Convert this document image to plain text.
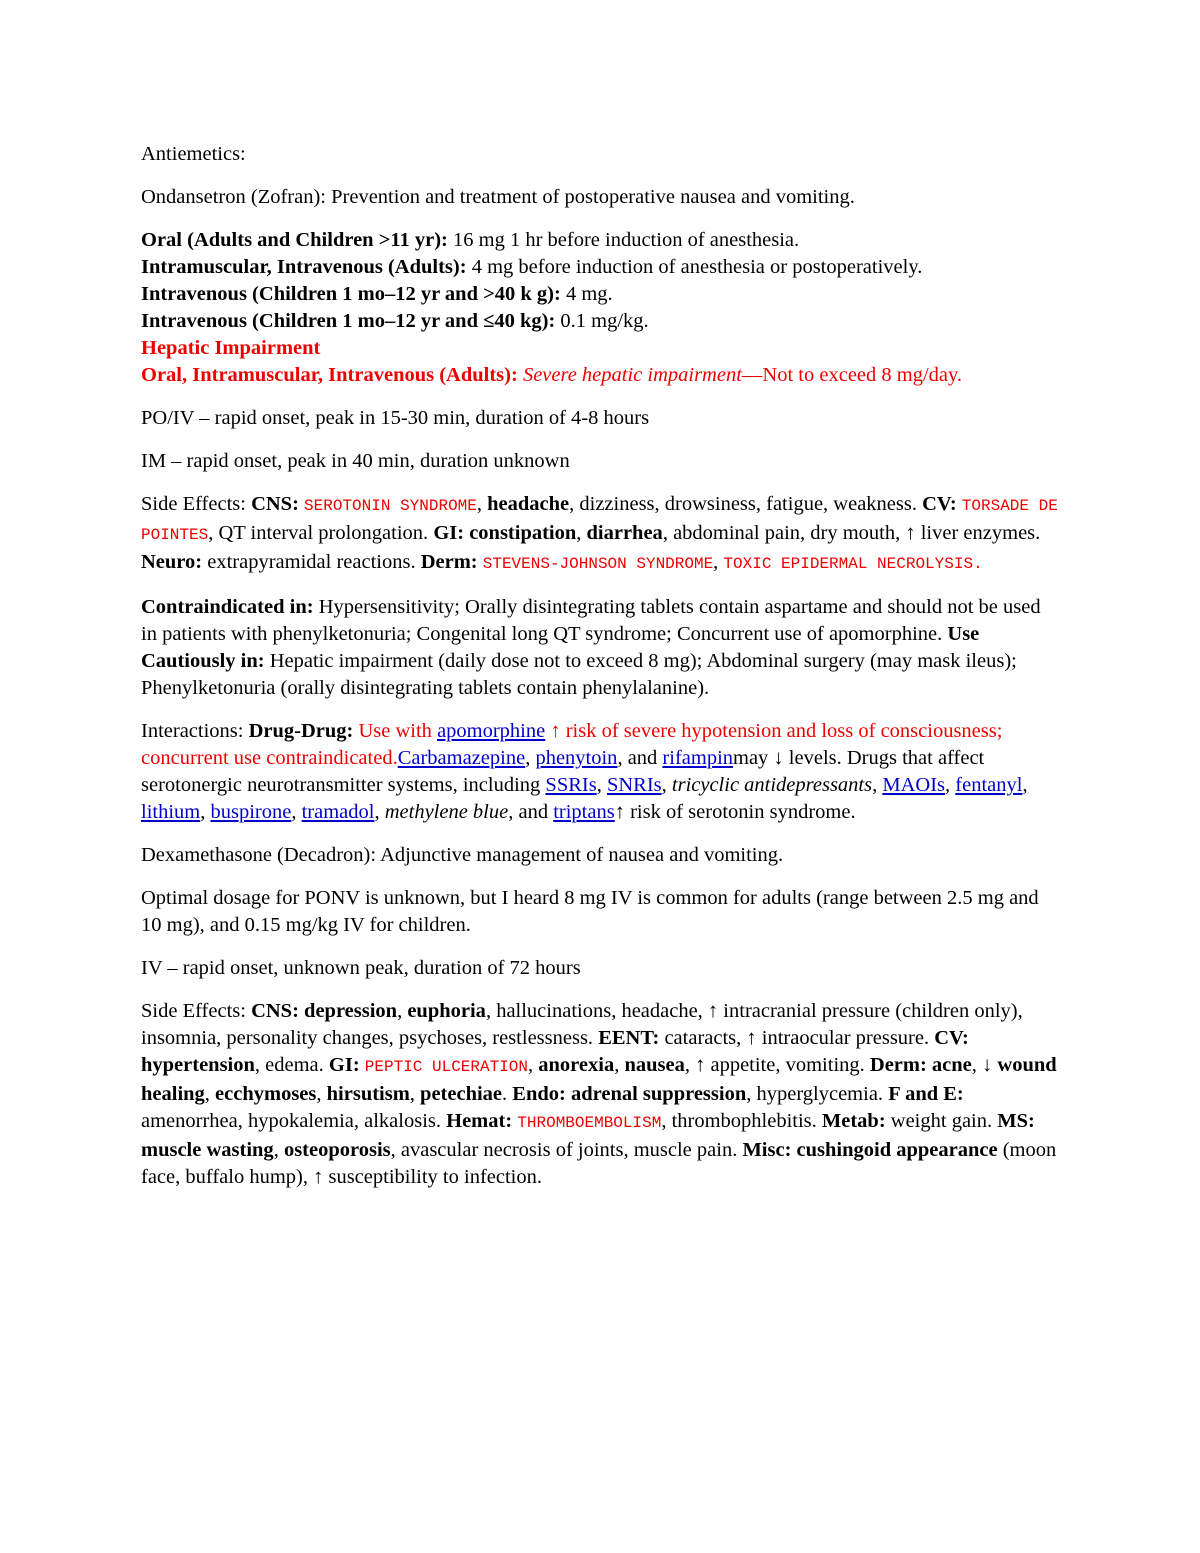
Antiemetics:

Ondansetron (Zofran): Prevention and treatment of postoperative nausea and vomiting.

Oral (Adults and Children >11 yr): 16 mg 1 hr before induction of anesthesia.

Intramuscular, Intravenous (Adults): 4 mg before induction of anesthesia or postoperatively.

Intravenous (Children 1 mo–12 yr and >40 k g): 4 mg.

Intravenous (Children 1 mo–12 yr and ≤40 kg): 0.1 mg/kg.

Hepatic Impairment

Oral, Intramuscular, Intravenous (Adults): Severe hepatic impairment—Not to exceed 8 mg/day.

PO/IV – rapid onset, peak in 15-30 min, duration of 4-8 hours

IM – rapid onset, peak in 40 min, duration unknown

Side Effects: CNS: SEROTONIN SYNDROME, headache, dizziness, drowsiness, fatigue, weakness. CV: TORSADE DE POINTES, QT interval prolongation. GI: constipation, diarrhea, abdominal pain, dry mouth, ↑ liver enzymes. Neuro: extrapyramidal reactions. Derm: STEVENS-JOHNSON SYNDROME, TOXIC EPIDERMAL NECROLYSIS.

Contraindicated in: Hypersensitivity; Orally disintegrating tablets contain aspartame and should not be used in patients with phenylketonuria; Congenital long QT syndrome; Concurrent use of apomorphine. Use Cautiously in: Hepatic impairment (daily dose not to exceed 8 mg); Abdominal surgery (may mask ileus); Phenylketonuria (orally disintegrating tablets contain phenylalanine).

Interactions: Drug-Drug: Use with apomorphine ↑ risk of severe hypotension and loss of consciousness; concurrent use contraindicated.Carbamazepine, phenytoin, and rifampinmay ↓ levels. Drugs that affect serotonergic neurotransmitter systems, including SSRIs, SNRIs, tricyclic antidepressants, MAOIs, fentanyl, lithium, buspirone, tramadol, methylene blue, and triptans↑ risk of serotonin syndrome.

Dexamethasone (Decadron): Adjunctive management of nausea and vomiting.

Optimal dosage for PONV is unknown, but I heard 8 mg IV is common for adults (range between 2.5 mg and 10 mg), and 0.15 mg/kg IV for children.

IV – rapid onset, unknown peak, duration of 72 hours

Side Effects: CNS: depression, euphoria, hallucinations, headache, ↑ intracranial pressure (children only), insomnia, personality changes, psychoses, restlessness. EENT: cataracts, ↑ intraocular pressure. CV: hypertension, edema. GI: PEPTIC ULCERATION, anorexia, nausea, ↑ appetite, vomiting. Derm: acne, ↓ wound healing, ecchymoses, hirsutism, petechiae. Endo: adrenal suppression, hyperglycemia. F and E: amenorrhea, hypokalemia, alkalosis. Hemat: THROMBOEMBOLISM, thrombophlebitis. Metab: weight gain. MS: muscle wasting, osteoporosis, avascular necrosis of joints, muscle pain. Misc: cushingoid appearance (moon face, buffalo hump), ↑ susceptibility to infection.
